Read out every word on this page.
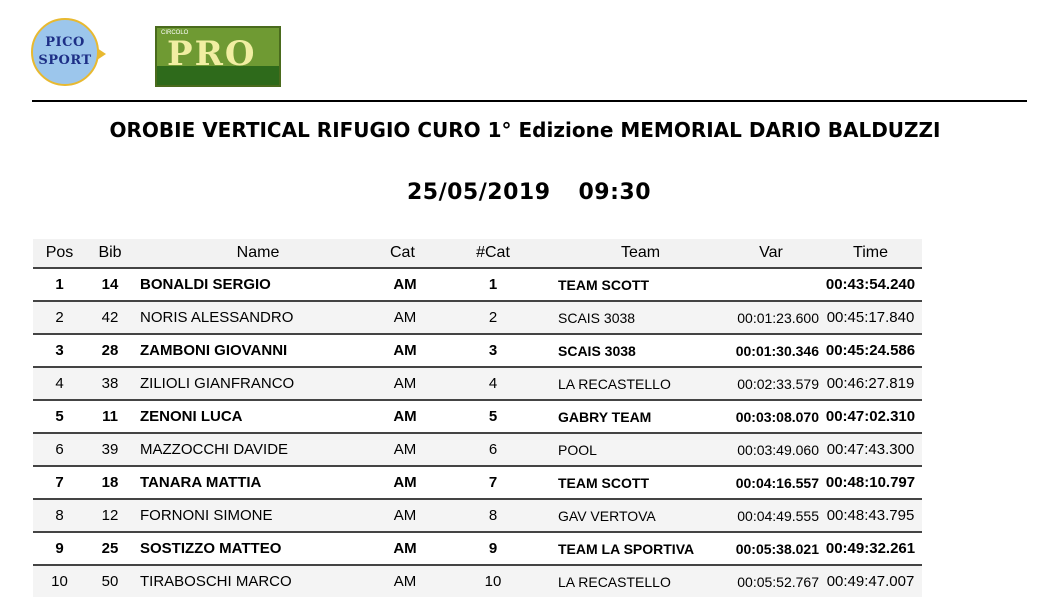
PICO
SPORT
CIRCOLO
PRO
OROBIE VERTICAL RIFUGIO CURO 1° Edizione MEMORIAL DARIO BALDUZZI
25/05/2019 09:30
Pos	Bib	Name	Cat	#Cat	Team	Var	Time
1	14	BONALDI SERGIO	AM	1	TEAM SCOTT		00:43:54.240
2	42	NORIS ALESSANDRO	AM	2	SCAIS 3038	00:01:23.600	00:45:17.840
3	28	ZAMBONI GIOVANNI	AM	3	SCAIS 3038	00:01:30.346	00:45:24.586
4	38	ZILIOLI GIANFRANCO	AM	4	LA RECASTELLO	00:02:33.579	00:46:27.819
5	11	ZENONI LUCA	AM	5	GABRY TEAM	00:03:08.070	00:47:02.310
6	39	MAZZOCCHI DAVIDE	AM	6	POOL	00:03:49.060	00:47:43.300
7	18	TANARA MATTIA	AM	7	TEAM SCOTT	00:04:16.557	00:48:10.797
8	12	FORNONI SIMONE	AM	8	GAV VERTOVA	00:04:49.555	00:48:43.795
9	25	SOSTIZZO MATTEO	AM	9	TEAM LA SPORTIVA	00:05:38.021	00:49:32.261
10	50	TIRABOSCHI MARCO	AM	10	LA RECASTELLO	00:05:52.767	00:49:47.007
